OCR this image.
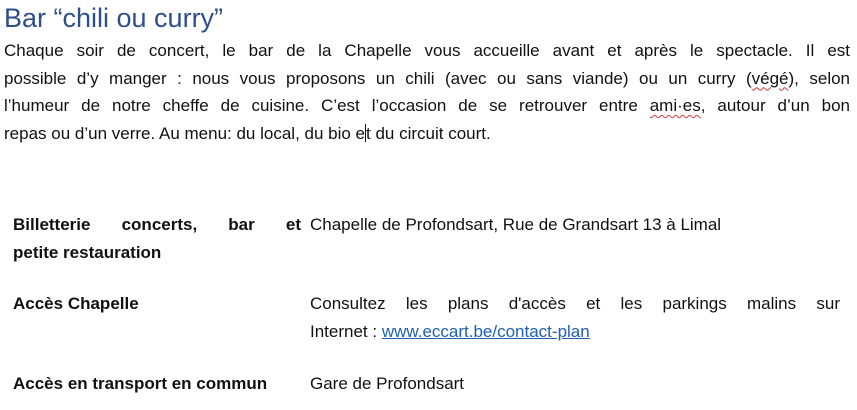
Bar “chili ou curry”
Chaque soir de concert, le bar de la Chapelle vous accueille avant et après le spectacle. Il est
possible d’y manger : nous vous proposons un chili (avec ou sans viande) ou un curry (végé), selon
l’humeur de notre cheffe de cuisine. C’est l’occasion de se retrouver entre ami·es, autour d’un bon
repas ou d’un verre. Au menu: du local, du bio et du circuit court.
Billetterie concerts, bar et
petite restauration
Chapelle de Profondsart, Rue de Grandsart 13 à Limal
Accès Chapelle	Consultez les plans d'accès et les parkings malins sur
Internet : www.eccart.be/contact-plan
Accès en transport en commun	Gare de Profondsart
